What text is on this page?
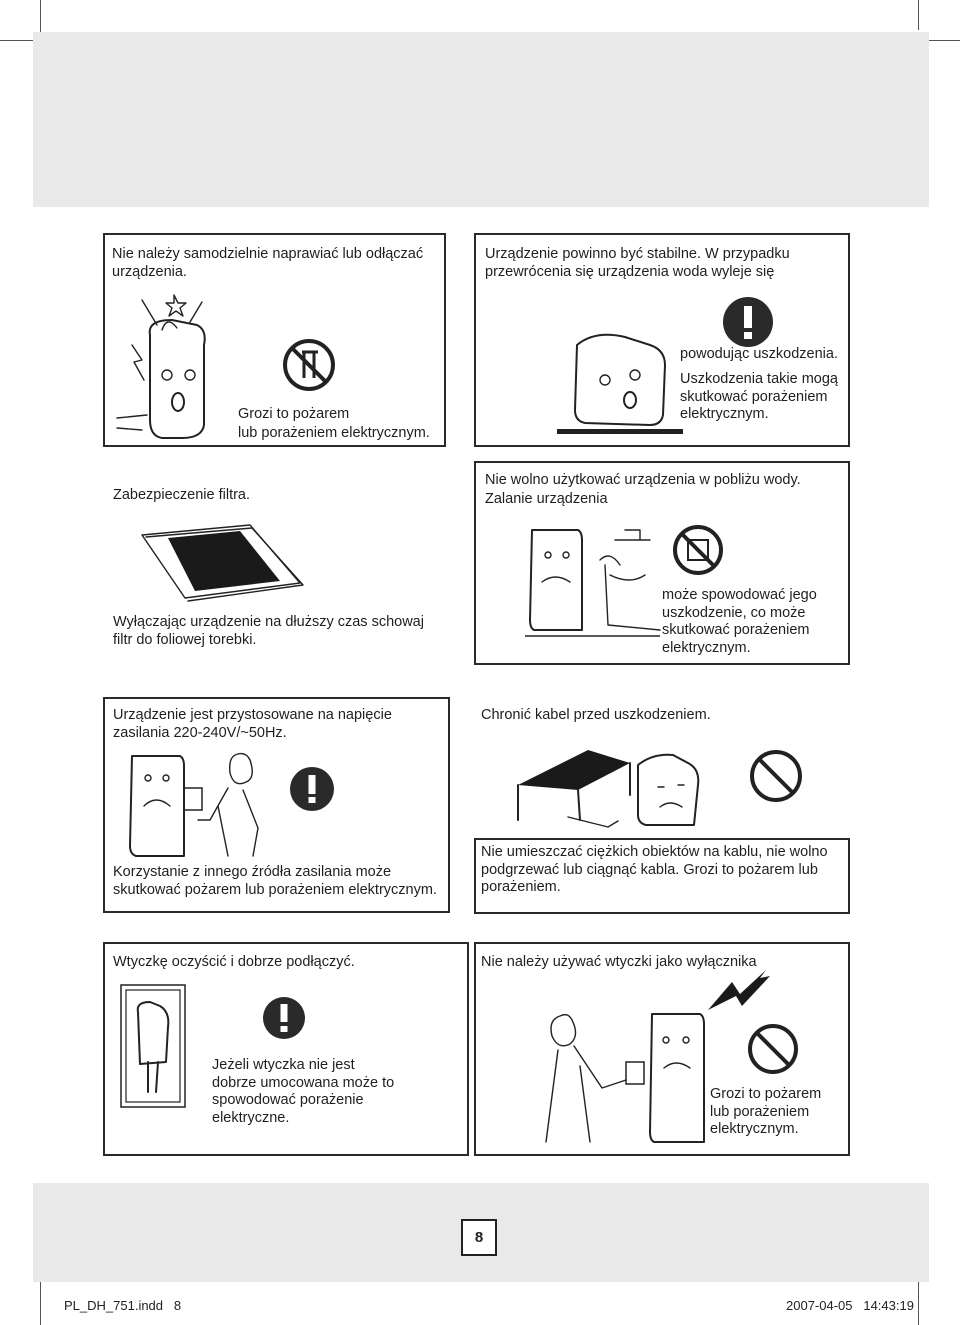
Nie należy samodzielnie naprawiać lub odłączać urządzenia.
Grozi to pożarem
lub porażeniem elektrycznym.
Urządzenie powinno być stabilne. W przypadku przewrócenia się urządzenia woda wyleje się
powodując uszkodzenia.
Uszkodzenia takie mogą skutkować porażeniem elektrycznym.
Zabezpieczenie filtra.
Wyłączając urządzenie na dłuższy czas schowaj filtr do foliowej torebki.
Nie wolno użytkować urządzenia w pobliżu wody.
Zalanie urządzenia
może spowodować jego uszkodzenie, co może skutkować porażeniem elektrycznym.
Urządzenie jest przystosowane na napięcie zasilania 220-240V/~50Hz.
Korzystanie z innego źródła zasilania może skutkować pożarem lub porażeniem elektrycznym.
Chronić kabel przed uszkodzeniem.
Nie umieszczać ciężkich obiektów na kablu, nie wolno podgrzewać lub ciągnąć kabla. Grozi to pożarem lub porażeniem.
Wtyczkę oczyścić i dobrze podłączyć.
Jeżeli wtyczka nie jest dobrze umocowana może to spowodować porażenie elektryczne.
Nie należy używać wtyczki jako wyłącznika
Grozi to pożarem lub porażeniem elektrycznym.
8
PL_DH_751.indd   8	2007-04-05   14:43:19
